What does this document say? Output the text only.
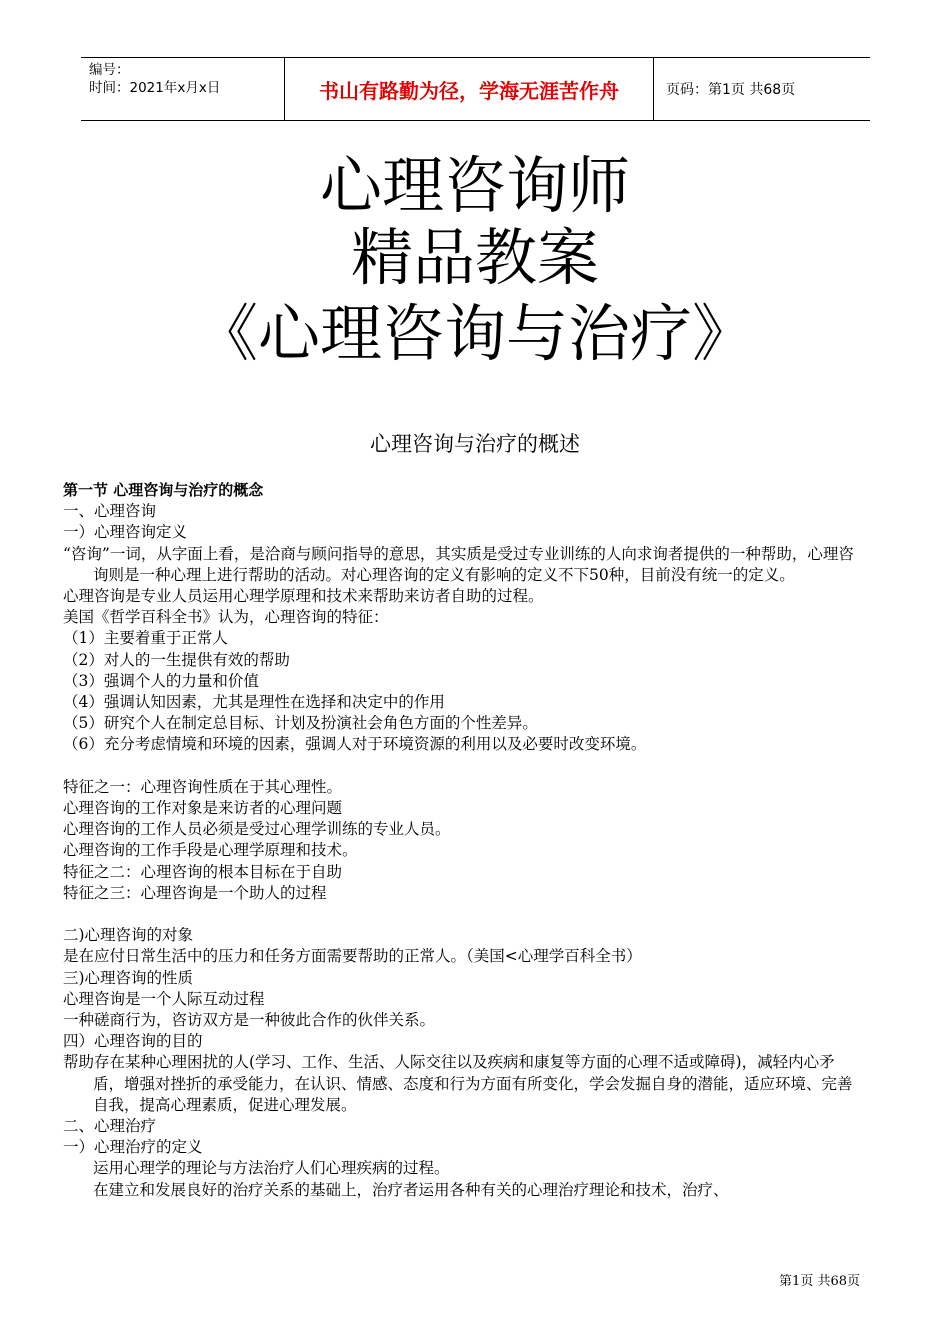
编号：
时间：2021年x月x日	书山有路勤为径，学海无涯苦作舟	页码：第1页 共68页
心理咨询师
精品教案
《心理咨询与治疗》
心理咨询与治疗的概述

第一节 心理咨询与治疗的概念

一、心理咨询

一）心理咨询定义

“咨询”一词，从字面上看，是洽商与顾问指导的意思，其实质是受过专业训练的人向求询者提供的一种帮助，心理咨询则是一种心理上进行帮助的活动。对心理咨询的定义有影响的定义不下50种，目前没有统一的定义。

心理咨询是专业人员运用心理学原理和技术来帮助来访者自助的过程。

美国《哲学百科全书》认为，心理咨询的特征：

（1）主要着重于正常人

（2）对人的一生提供有效的帮助

（3）强调个人的力量和价值

（4）强调认知因素，尤其是理性在选择和决定中的作用

（5）研究个人在制定总目标、计划及扮演社会角色方面的个性差异。

（6）充分考虑情境和环境的因素，强调人对于环境资源的利用以及必要时改变环境。

特征之一：心理咨询性质在于其心理性。

心理咨询的工作对象是来访者的心理问题

心理咨询的工作人员必须是受过心理学训练的专业人员。

心理咨询的工作手段是心理学原理和技术。

特征之二：心理咨询的根本目标在于自助

特征之三：心理咨询是一个助人的过程

二)心理咨询的对象

是在应付日常生活中的压力和任务方面需要帮助的正常人。（美国<心理学百科全书）

三)心理咨询的性质

心理咨询是一个人际互动过程

一种磋商行为，咨访双方是一种彼此合作的伙伴关系。

四）心理咨询的目的

帮助存在某种心理困扰的人(学习、工作、生活、人际交往以及疾病和康复等方面的心理不适或障碍)，减轻内心矛盾，增强对挫折的承受能力，在认识、情感、态度和行为方面有所变化，学会发掘自身的潜能，适应环境、完善自我，提高心理素质，促进心理发展。

二、心理治疗

一）心理治疗的定义

运用心理学的理论与方法治疗人们心理疾病的过程。

在建立和发展良好的治疗关系的基础上，治疗者运用各种有关的心理治疗理论和技术，治疗、

第1页 共68页
